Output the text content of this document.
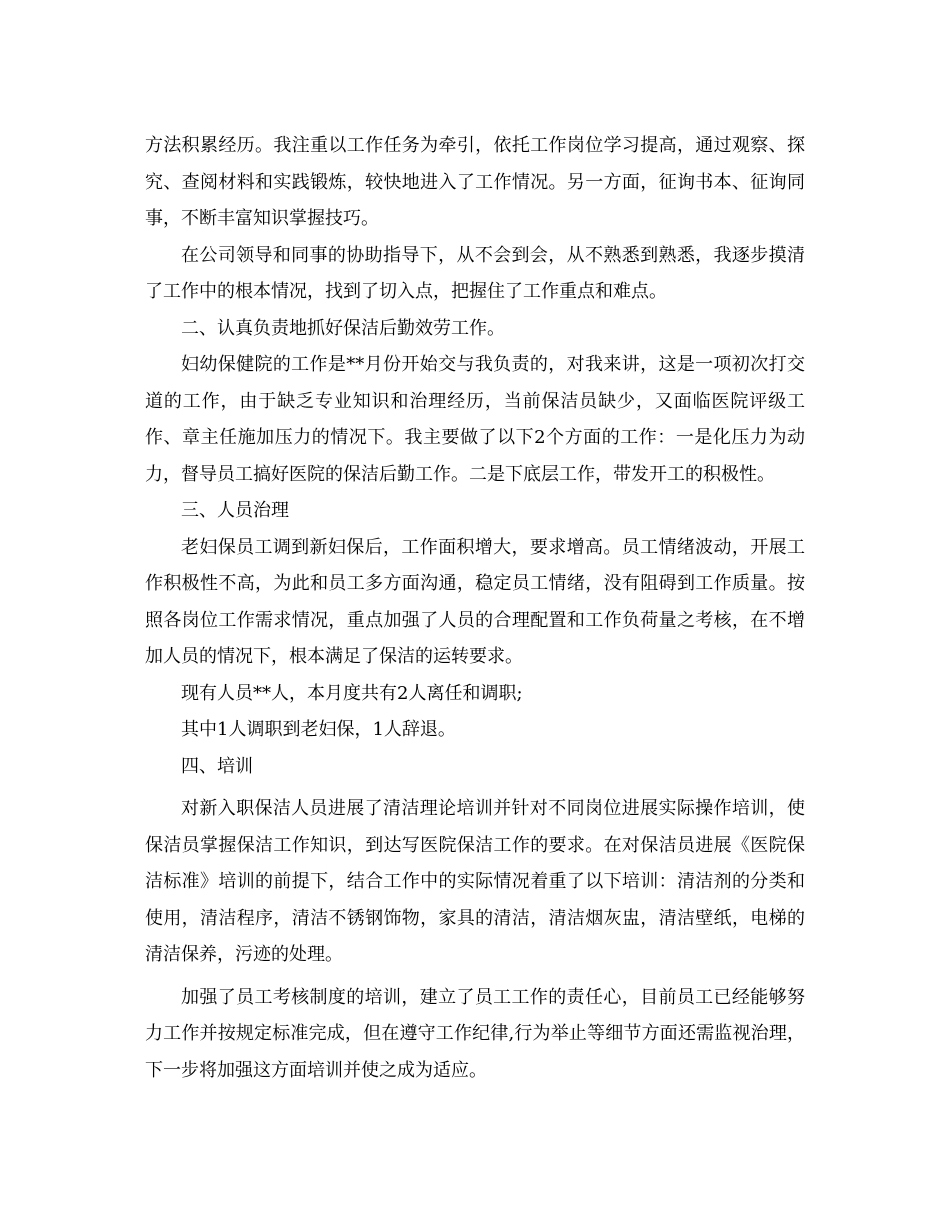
方法积累经历。我注重以工作任务为牵引，依托工作岗位学习提高，通过观察、探究、查阅材料和实践锻炼，较快地进入了工作情况。另一方面，征询书本、征询同事，不断丰富知识掌握技巧。

在公司领导和同事的协助指导下，从不会到会，从不熟悉到熟悉，我逐步摸清了工作中的根本情况，找到了切入点，把握住了工作重点和难点。

二、认真负责地抓好保洁后勤效劳工作。

妇幼保健院的工作是**月份开始交与我负责的，对我来讲，这是一项初次打交道的工作，由于缺乏专业知识和治理经历，当前保洁员缺少，又面临医院评级工作、章主任施加压力的情况下。我主要做了以下2个方面的工作：一是化压力为动力，督导员工搞好医院的保洁后勤工作。二是下底层工作，带发开工的积极性。

三、人员治理

老妇保员工调到新妇保后，工作面积增大，要求增高。员工情绪波动，开展工作积极性不高，为此和员工多方面沟通，稳定员工情绪，没有阻碍到工作质量。按照各岗位工作需求情况，重点加强了人员的合理配置和工作负荷量之考核，在不增加人员的情况下，根本满足了保洁的运转要求。

现有人员**人，本月度共有2人离任和调职;

其中1人调职到老妇保，1人辞退。

四、培训

对新入职保洁人员进展了清洁理论培训并针对不同岗位进展实际操作培训，使保洁员掌握保洁工作知识，到达写医院保洁工作的要求。在对保洁员进展《医院保洁标准》培训的前提下，结合工作中的实际情况着重了以下培训：清洁剂的分类和使用，清洁程序，清洁不锈钢饰物，家具的清洁，清洁烟灰盅，清洁壁纸，电梯的清洁保养，污迹的处理。

加强了员工考核制度的培训，建立了员工工作的责任心，目前员工已经能够努力工作并按规定标准完成，但在遵守工作纪律,行为举止等细节方面还需监视治理，下一步将加强这方面培训并使之成为适应。
